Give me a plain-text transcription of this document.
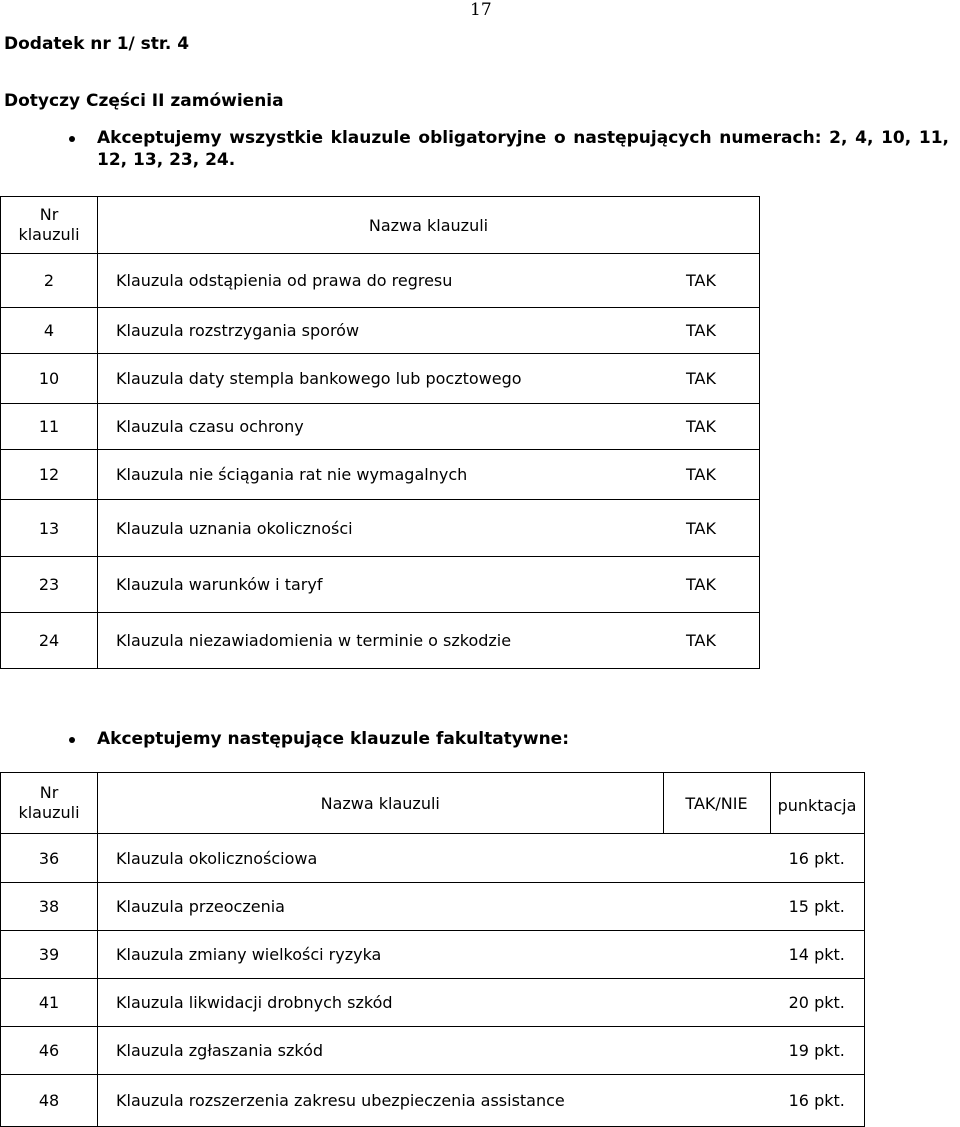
17
Dodatek nr 1/ str. 4
Dotyczy Części II zamówienia
Akceptujemy wszystkie klauzule obligatoryjne o następujących numerach: 2, 4, 10, 11, 12, 13, 23, 24.
Nr
klauzuli	Nazwa klauzuli	
2	Klauzula odstąpienia od prawa do regresu	TAK
4	Klauzula rozstrzygania sporów	TAK
10	Klauzula daty stempla bankowego lub pocztowego	TAK
11	Klauzula czasu ochrony	TAK
12	Klauzula nie ściągania rat nie wymagalnych	TAK
13	Klauzula uznania okoliczności	TAK
23	Klauzula warunków i taryf	TAK
24	Klauzula niezawiadomienia w terminie o szkodzie	TAK
Akceptujemy następujące klauzule fakultatywne:
Nr
klauzuli	Nazwa klauzuli	TAK/NIE	punktacja
36	Klauzula okolicznościowa		16 pkt.
38	Klauzula przeoczenia		15 pkt.
39	Klauzula zmiany wielkości ryzyka		14 pkt.
41	Klauzula likwidacji drobnych szkód		20 pkt.
46	Klauzula zgłaszania szkód		19 pkt.
48	Klauzula rozszerzenia zakresu ubezpieczenia assistance		16 pkt.
